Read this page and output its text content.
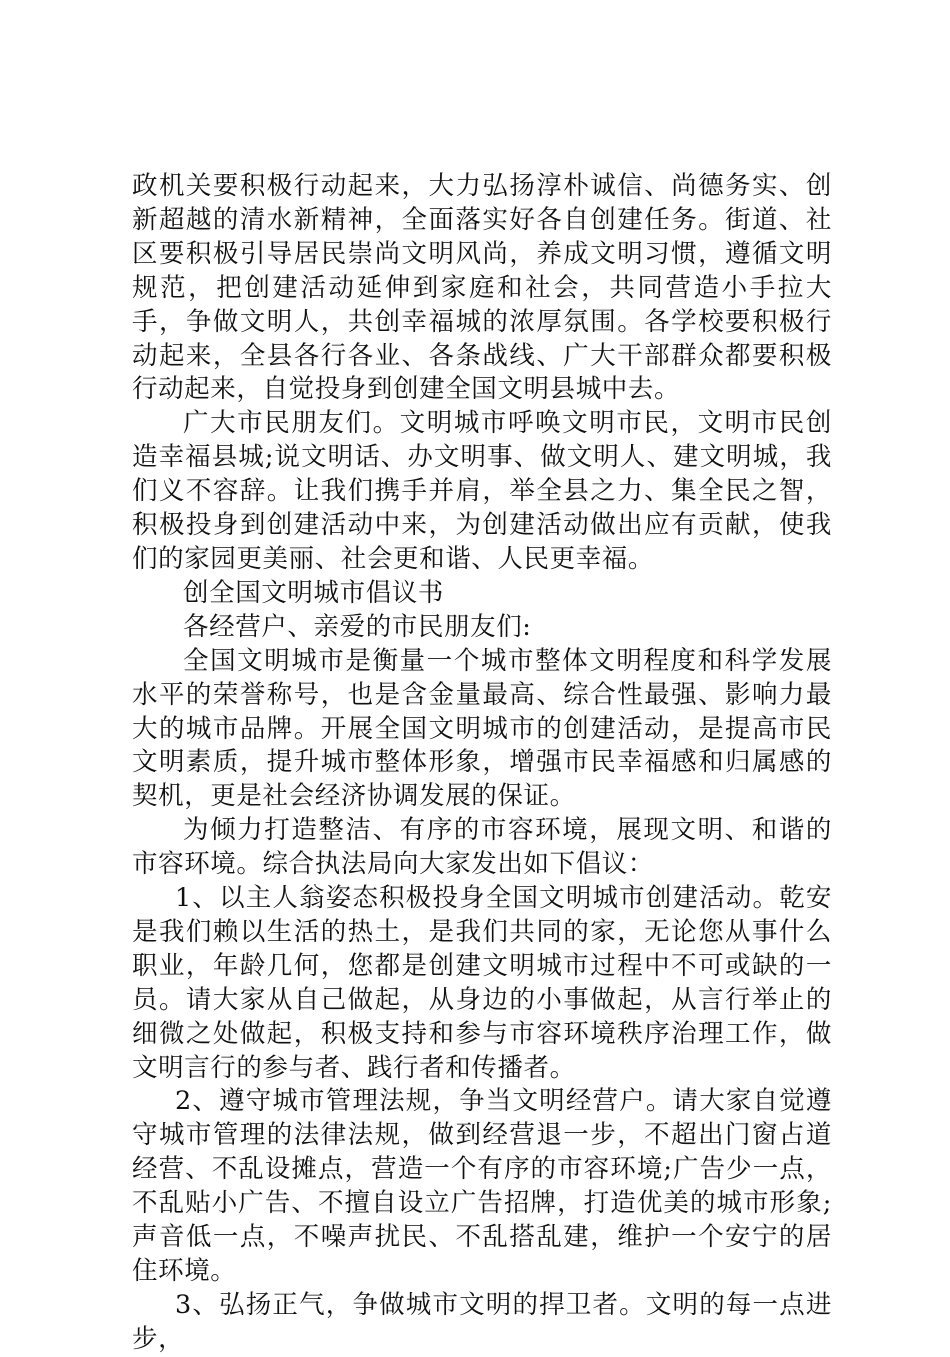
政机关要积极行动起来，大力弘扬淳朴诚信、尚德务实、创新超越的清水新精神，全面落实好各自创建任务。街道、社区要积极引导居民崇尚文明风尚，养成文明习惯，遵循文明规范，把创建活动延伸到家庭和社会，共同营造小手拉大手，争做文明人，共创幸福城的浓厚氛围。各学校要积极行动起来，全县各行各业、各条战线、广大干部群众都要积极行动起来，自觉投身到创建全国文明县城中去。

广大市民朋友们。文明城市呼唤文明市民，文明市民创造幸福县城;说文明话、办文明事、做文明人、建文明城，我们义不容辞。让我们携手并肩，举全县之力、集全民之智，积极投身到创建活动中来，为创建活动做出应有贡献，使我们的家园更美丽、社会更和谐、人民更幸福。

创全国文明城市倡议书

各经营户、亲爱的市民朋友们:

全国文明城市是衡量一个城市整体文明程度和科学发展水平的荣誉称号，也是含金量最高、综合性最强、影响力最大的城市品牌。开展全国文明城市的创建活动，是提高市民文明素质，提升城市整体形象，增强市民幸福感和归属感的契机，更是社会经济协调发展的保证。

为倾力打造整洁、有序的市容环境，展现文明、和谐的市容环境。综合执法局向大家发出如下倡议：

1、以主人翁姿态积极投身全国文明城市创建活动。乾安是我们赖以生活的热土，是我们共同的家，无论您从事什么职业，年龄几何，您都是创建文明城市过程中不可或缺的一员。请大家从自己做起，从身边的小事做起，从言行举止的细微之处做起，积极支持和参与市容环境秩序治理工作，做文明言行的参与者、践行者和传播者。

2、遵守城市管理法规，争当文明经营户。请大家自觉遵守城市管理的法律法规，做到经营退一步，不超出门窗占道经营、不乱设摊点，营造一个有序的市容环境;广告少一点，不乱贴小广告、不擅自设立广告招牌，打造优美的城市形象;声音低一点，不噪声扰民、不乱搭乱建，维护一个安宁的居住环境。

3、弘扬正气，争做城市文明的捍卫者。文明的每一点进步，
